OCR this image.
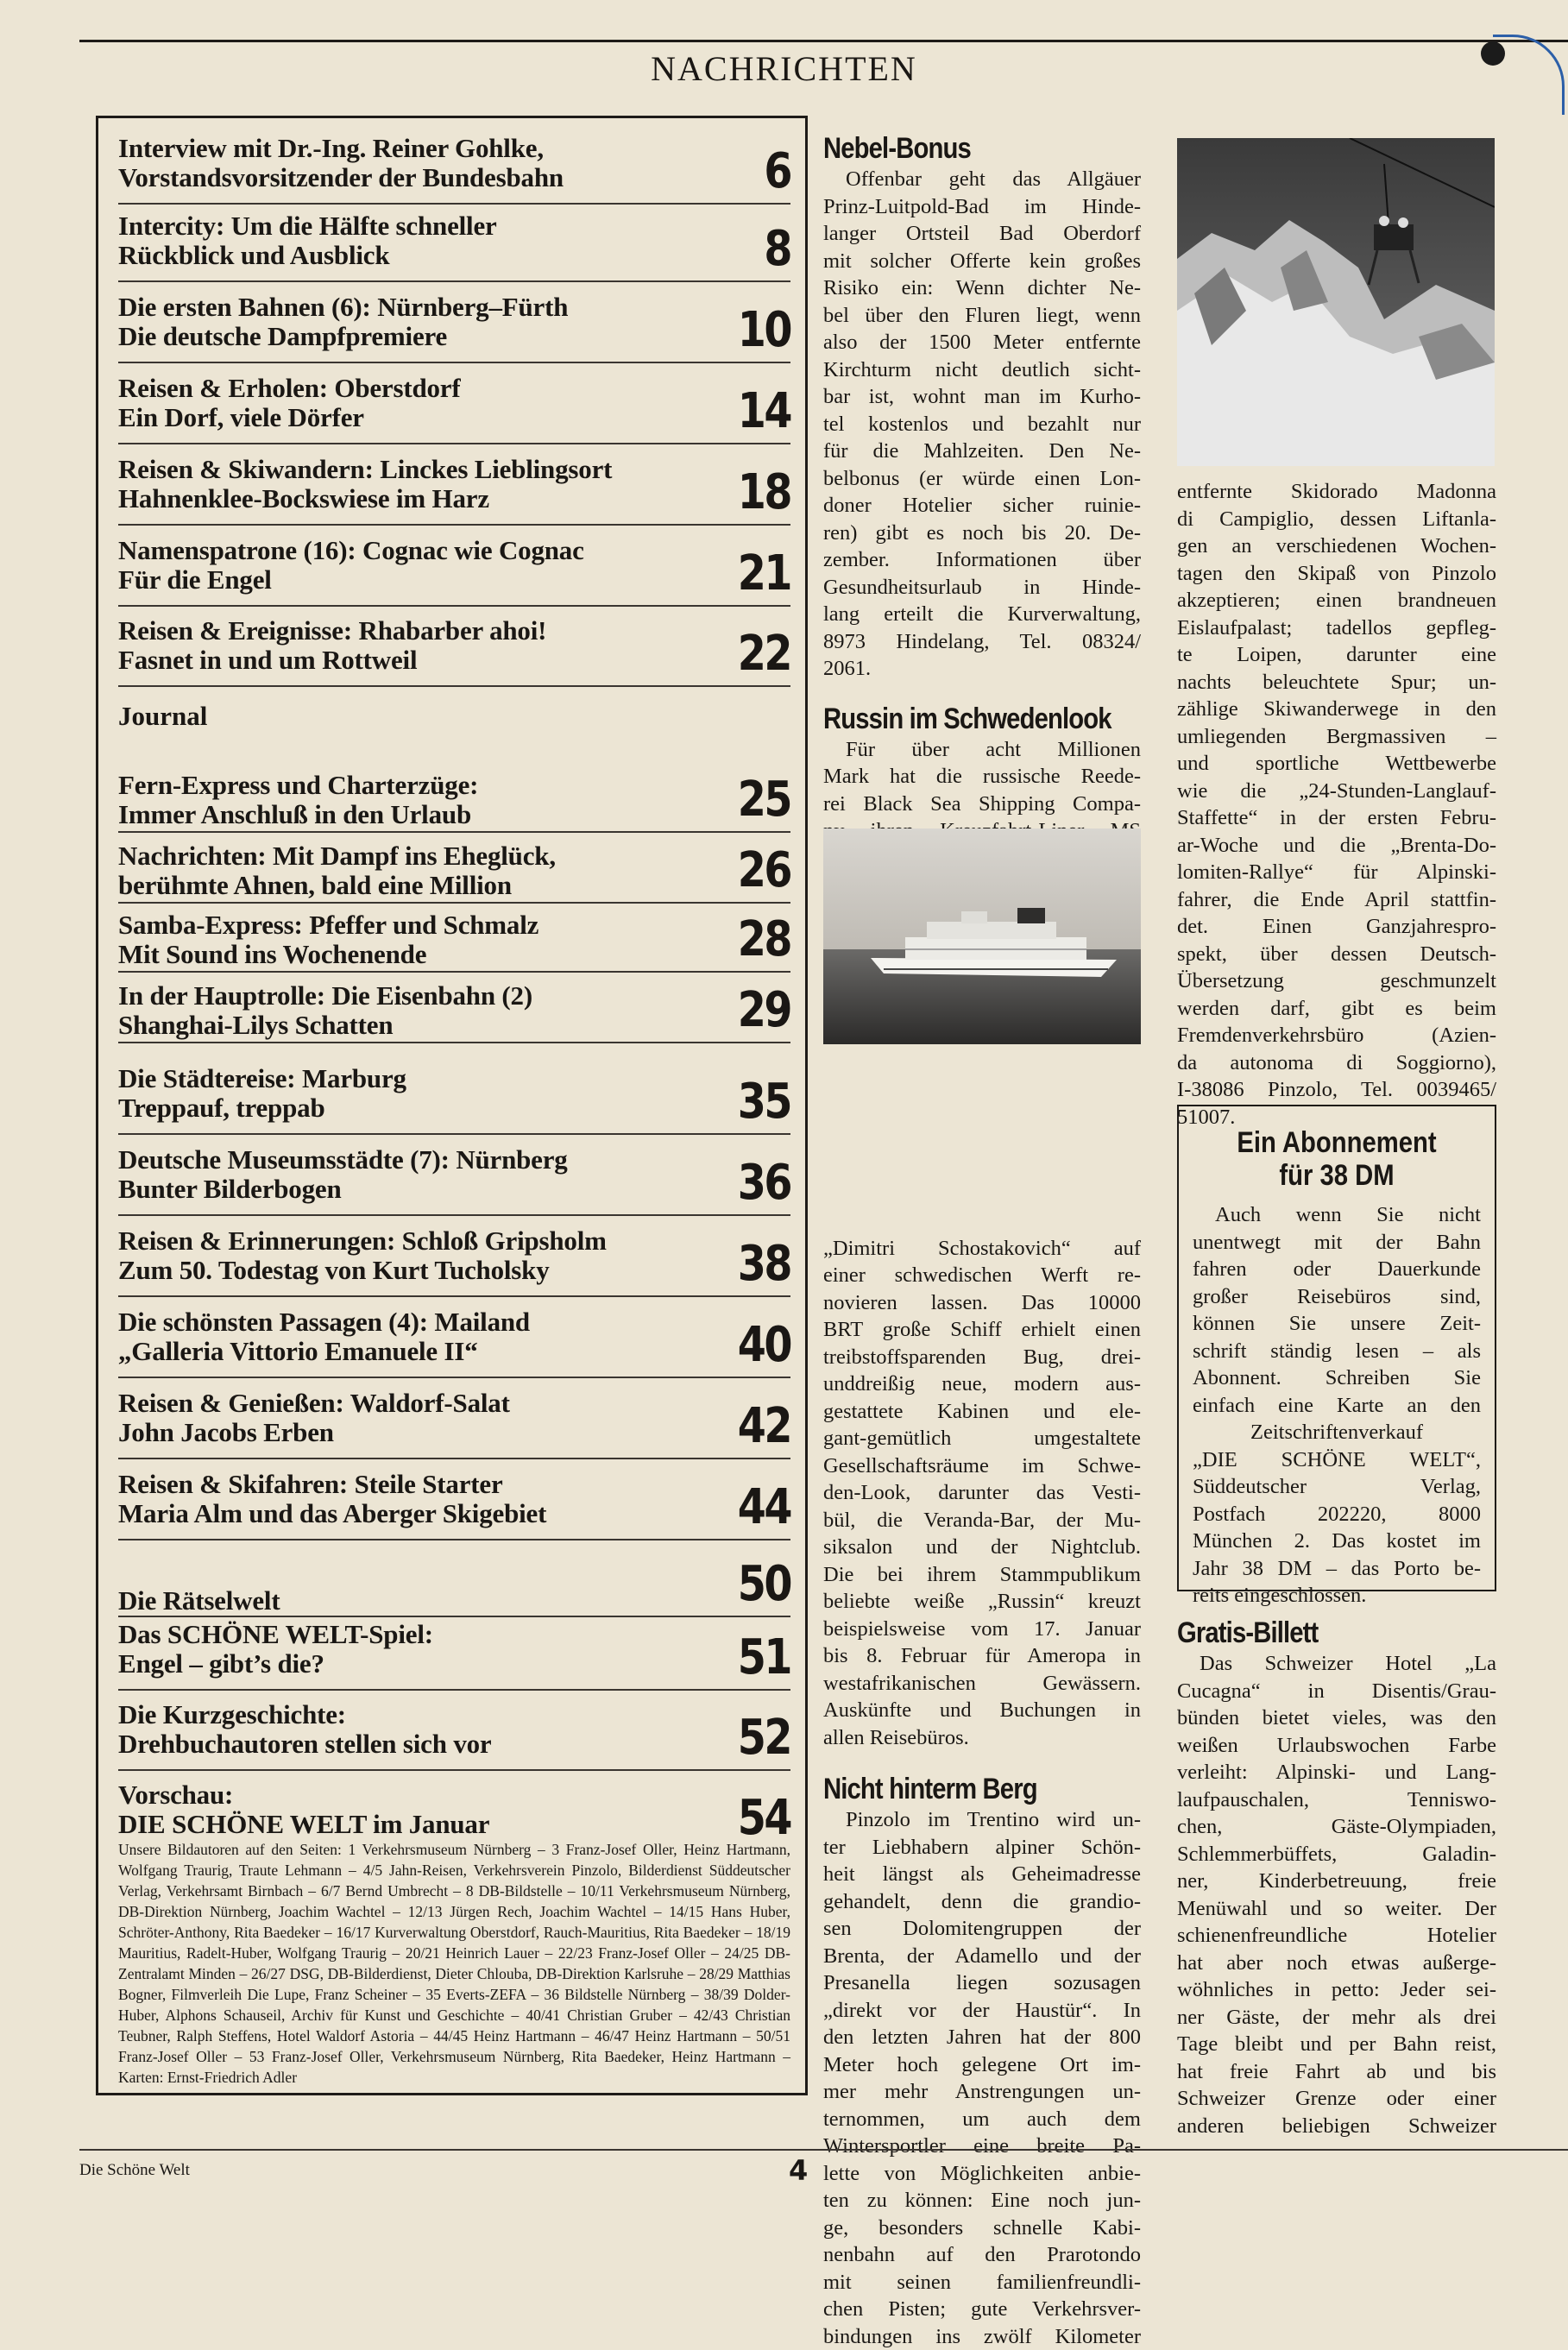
NACHRICHTEN
Interview mit Dr.-Ing. Reiner Gohlke,
Vorstandsvorsitzender der Bundesbahn	6
Intercity: Um die Hälfte schneller
Rückblick und Ausblick	8
Die ersten Bahnen (6): Nürnberg–Fürth
Die deutsche Dampfpremiere	10
Reisen & Erholen: Oberstdorf
Ein Dorf, viele Dörfer	14
Reisen & Skiwandern: Linckes Lieblingsort
Hahnenklee-Bockswiese im Harz	18
Namenspatrone (16): Cognac wie Cognac
Für die Engel	21
Reisen & Ereignisse: Rhabarber ahoi!
Fasnet in und um Rottweil	22
Fern-Express und Charterzüge:
Immer Anschluß in den Urlaub	25
Nachrichten: Mit Dampf ins Eheglück,
berühmte Ahnen, bald eine Million	26
Samba-Express: Pfeffer und Schmalz
Mit Sound ins Wochenende	28
In der Hauptrolle: Die Eisenbahn (2)
Shanghai-Lilys Schatten	29
Die Städtereise: Marburg
Treppauf, treppab	35
Deutsche Museumsstädte (7): Nürnberg
Bunter Bilderbogen	36
Reisen & Erinnerungen: Schloß Gripsholm
Zum 50. Todestag von Kurt Tucholsky	38
Die schönsten Passagen (4): Mailand
„Galleria Vittorio Emanuele II“	40
Reisen & Genießen: Waldorf-Salat
John Jacobs Erben	42
Reisen & Skifahren: Steile Starter
Maria Alm und das Aberger Skigebiet	44
Die Rätselwelt	50
Das SCHÖNE WELT-Spiel:
Engel – gibt’s die?	51
Die Kurzgeschichte:
Drehbuchautoren stellen sich vor	52
Vorschau:
DIE SCHÖNE WELT im Januar	54
Journal
Unsere Bildautoren auf den Seiten: 1 Verkehrsmuseum Nürnberg – 3 Franz-Josef Oller, Heinz Hartmann, Wolfgang Traurig, Traute Lehmann – 4/5 Jahn-Reisen, Verkehrsverein Pinzolo, Bilderdienst Süddeutscher Verlag, Verkehrsamt Birnbach – 6/7 Bernd Umbrecht – 8 DB-Bildstelle – 10/11 Verkehrsmuseum Nürnberg, DB-Direktion Nürnberg, Joachim Wachtel – 12/13 Jürgen Rech, Joachim Wachtel – 14/15 Hans Huber, Schröter-Anthony, Rita Baedeker – 16/17 Kurverwaltung Oberstdorf, Rauch-Mauritius, Rita Baedeker – 18/19 Mauritius, Radelt-Huber, Wolfgang Traurig – 20/21 Heinrich Lauer – 22/23 Franz-Josef Oller – 24/25 DB-Zentralamt Minden – 26/27 DSG, DB-Bilderdienst, Dieter Chlouba, DB-Direktion Karlsruhe – 28/29 Matthias Bogner, Filmverleih Die Lupe, Franz Scheiner – 35 Everts-ZEFA – 36 Bildstelle Nürnberg – 38/39 Dolder-Huber, Alphons Schauseil, Archiv für Kunst und Geschichte – 40/41 Christian Gruber – 42/43 Christian Teubner, Ralph Steffens, Hotel Waldorf Astoria – 44/45 Heinz Hartmann – 46/47 Heinz Hartmann – 50/51 Franz-Josef Oller – 53 Franz-Josef Oller, Verkehrsmuseum Nürnberg, Rita Baedeker, Heinz Hartmann – Karten: Ernst-Friedrich Adler
Nebel-Bonus

Offenbar geht das Allgäuer

Prinz-Luitpold-Bad im Hinde-

langer Ortsteil Bad Oberdorf

mit solcher Offerte kein großes

Risiko ein: Wenn dichter Ne-

bel über den Fluren liegt, wenn

also der 1500 Meter entfernte

Kirchturm nicht deutlich sicht-

bar ist, wohnt man im Kurho-

tel kostenlos und bezahlt nur

für die Mahlzeiten. Den Ne-

belbonus (er würde einen Lon-

doner Hotelier sicher ruinie-

ren) gibt es noch bis 20. De-

zember. Informationen über

Gesundheitsurlaub in Hinde-

lang erteilt die Kurverwaltung,

8973 Hindelang, Tel. 08324/

2061.

Russin im Schwedenlook

Für über acht Millionen

Mark hat die russische Reede-

rei Black Sea Shipping Compa-

„Dimitri Schostakovich“ auf

einer schwedischen Werft re-

novieren lassen. Das 10000

BRT große Schiff erhielt einen

treibstoffsparenden Bug, drei-

unddreißig neue, modern aus-

gestattete Kabinen und ele-

gant-gemütlich umgestaltete

Gesellschaftsräume im Schwe-

den-Look, darunter das Vesti-

bül, die Veranda-Bar, der Mu-

siksalon und der Nightclub.

Die bei ihrem Stammpublikum

beliebte weiße „Russin“ kreuzt

beispielsweise vom 17. Januar

bis 8. Februar für Ameropa in

westafrikanischen Gewässern.

Auskünfte und Buchungen in

allen Reisebüros.

Nicht hinterm Berg

Pinzolo im Trentino wird un-

ter Liebhabern alpiner Schön-

heit längst als Geheimadresse

gehandelt, denn die grandio-

sen Dolomitengruppen der

Brenta, der Adamello und der

Presanella liegen sozusagen

„direkt vor der Haustür“. In

den letzten Jahren hat der 800

Meter hoch gelegene Ort im-

mer mehr Anstrengungen un-

ternommen, um auch dem

Wintersportler eine breite Pa-

lette von Möglichkeiten anbie-

ten zu können: Eine noch jun-

ge, besonders schnelle Kabi-

nenbahn auf den Prarotondo

mit seinen familienfreundli-

chen Pisten; gute Verkehrsver-

bindungen ins zwölf Kilometer

entfernte Skidorado Madonna

di Campiglio, dessen Liftanla-

gen an verschiedenen Wochen-

tagen den Skipaß von Pinzolo

akzeptieren; einen brandneuen

Eislaufpalast; tadellos gepfleg-

te Loipen, darunter eine

nachts beleuchtete Spur; un-

zählige Skiwanderwege in den

umliegenden Bergmassiven –

und sportliche Wettbewerbe

wie die „24-Stunden-Langlauf-

Staffette“ in der ersten Febru-

ar-Woche und die „Brenta-Do-

lomiten-Rallye“ für Alpinski-

fahrer, die Ende April stattfin-

det. Einen Ganzjahrespro-

spekt, über dessen Deutsch-

Übersetzung geschmunzelt

werden darf, gibt es beim

Fremdenverkehrsbüro (Azien-

da autonoma di Soggiorno),

I-38086 Pinzolo, Tel. 0039465/

51007.

Ein Abonnement
für 38 DM

Auch wenn Sie nicht

unentwegt mit der Bahn

fahren oder Dauerkunde

großer Reisebüros sind,

können Sie unsere Zeit-

schrift ständig lesen – als

Abonnent. Schreiben Sie

einfach eine Karte an den

Zeitschriftenverkauf

„DIE SCHÖNE WELT“,

Süddeutscher Verlag,

Postfach 202220, 8000

München 2. Das kostet im

Jahr 38 DM – das Porto be-

reits eingeschlossen.

Gratis-Billett

Das Schweizer Hotel „La

Cucagna“ in Disentis/Grau-

bünden bietet vieles, was den

weißen Urlaubswochen Farbe

verleiht: Alpinski- und Lang-

laufpauschalen, Tenniswo-

chen, Gäste-Olympiaden,

Schlemmerbüffets, Galadin-

ner, Kinderbetreuung, freie

Menüwahl und so weiter. Der

schienenfreundliche Hotelier

hat aber noch etwas außerge-

wöhnliches in petto: Jeder sei-

ner Gäste, der mehr als drei

Tage bleibt und per Bahn reist,

hat freie Fahrt ab und bis

Schweizer Grenze oder einer

anderen beliebigen Schweizer

Die Schöne Welt	4
